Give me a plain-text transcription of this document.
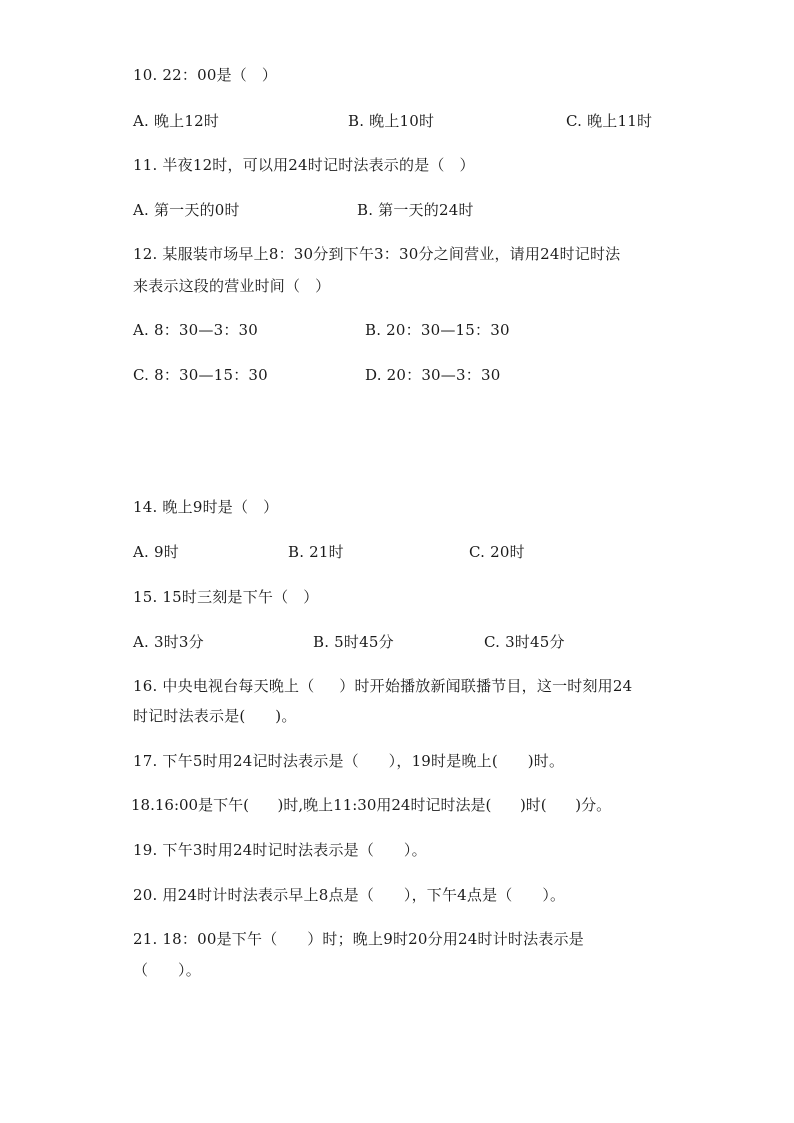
10. 22：00是（   ）
A. 晚上12时	B. 晚上10时	C. 晚上11时
11. 半夜12时，可以用24时记时法表示的是（   ）
A. 第一天的0时	B. 第一天的24时
12. 某服装市场早上8：30分到下午3：30分之间营业，请用24时记时法
来表示这段的营业时间（   ）
A. 8：30—3：30	B. 20：30—15：30
C. 8：30—15：30	D. 20：30—3：30
14. 晚上9时是（   ）
A. 9时	B. 21时	C. 20时
15. 15时三刻是下午（   ）
A. 3时3分	B. 5时45分	C. 3时45分
16. 中央电视台每天晚上（     ）时开始播放新闻联播节目，这一时刻用24
时记时法表示是(      )。
17. 下午5时用24记时法表示是（      ），19时是晚上(      )时。
18.16:00是下午(      )时,晚上11:30用24时记时法是(      )时(      )分。
19. 下午3时用24时记时法表示是（      ）。
20. 用24时计时法表示早上8点是（      ），下午4点是（      ）。
21. 18：00是下午（      ）时；晚上9时20分用24时计时法表示是
（      ）。
